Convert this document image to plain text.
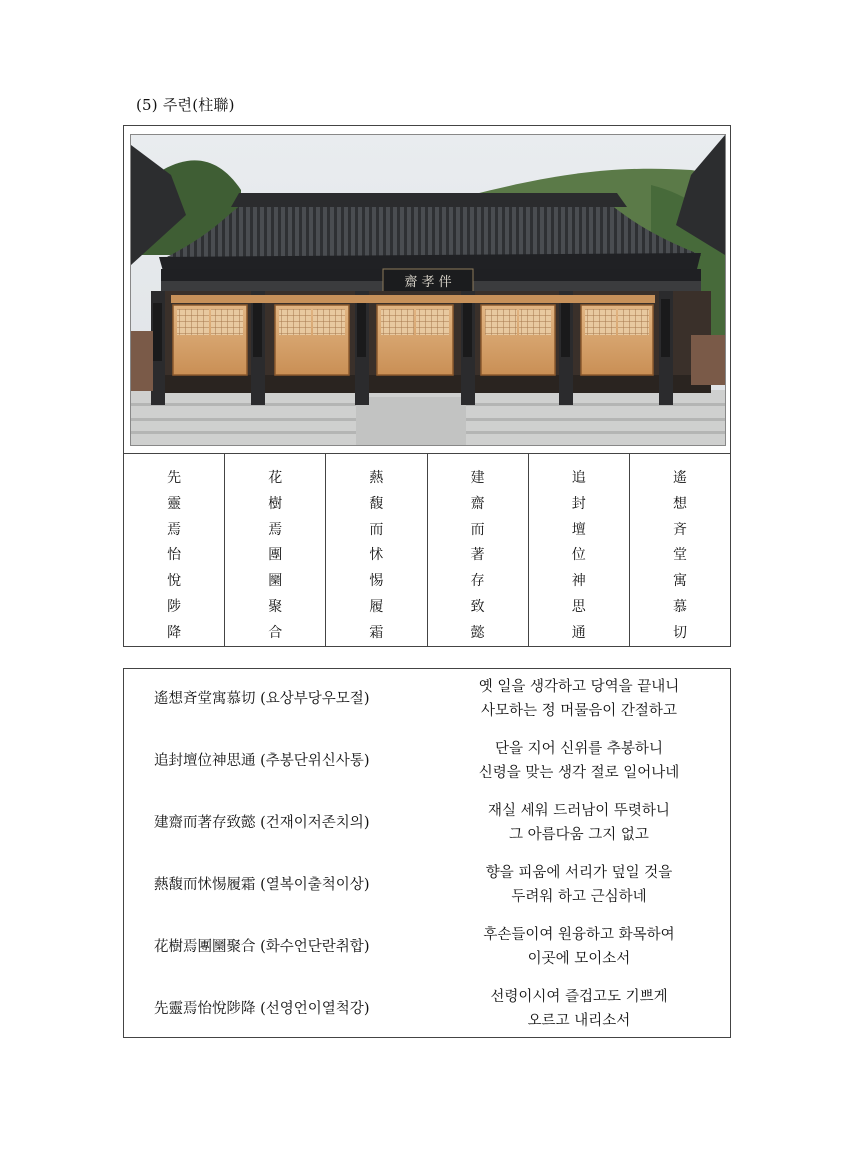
(5) 주련(柱聯)
齋 孝 伴
先
靈
焉
怡
悅
陟
降
花
樹
焉
團
圞
聚
合
爇
馥
而
怵
惕
履
霜
建
齋
而
著
存
致
懿
追
封
壇
位
神
思
通
遙
想
斉
堂
寓
慕
切
遙想斉堂寓慕切 (요상부당우모절)
옛 일을 생각하고 당역을 끝내니
사모하는 정 머물음이 간절하고
追封壇位神思通 (추봉단위신사통)
단을 지어 신위를 추봉하니
신령을 맞는 생각 절로 일어나네
建齋而著存致懿 (건재이저존치의)
재실 세워 드러남이 뚜렷하니
그 아름다움 그지 없고
爇馥而怵惕履霜 (열복이출척이상)
향을 피움에 서리가 덮일 것을
두려워 하고 근심하네
花樹焉團圞聚合 (화수언단란취합)
후손들이여 원융하고 화목하여
이곳에 모이소서
先靈焉怡悅陟降 (선영언이열척강)
선령이시여 즐겁고도 기쁘게
오르고 내리소서
